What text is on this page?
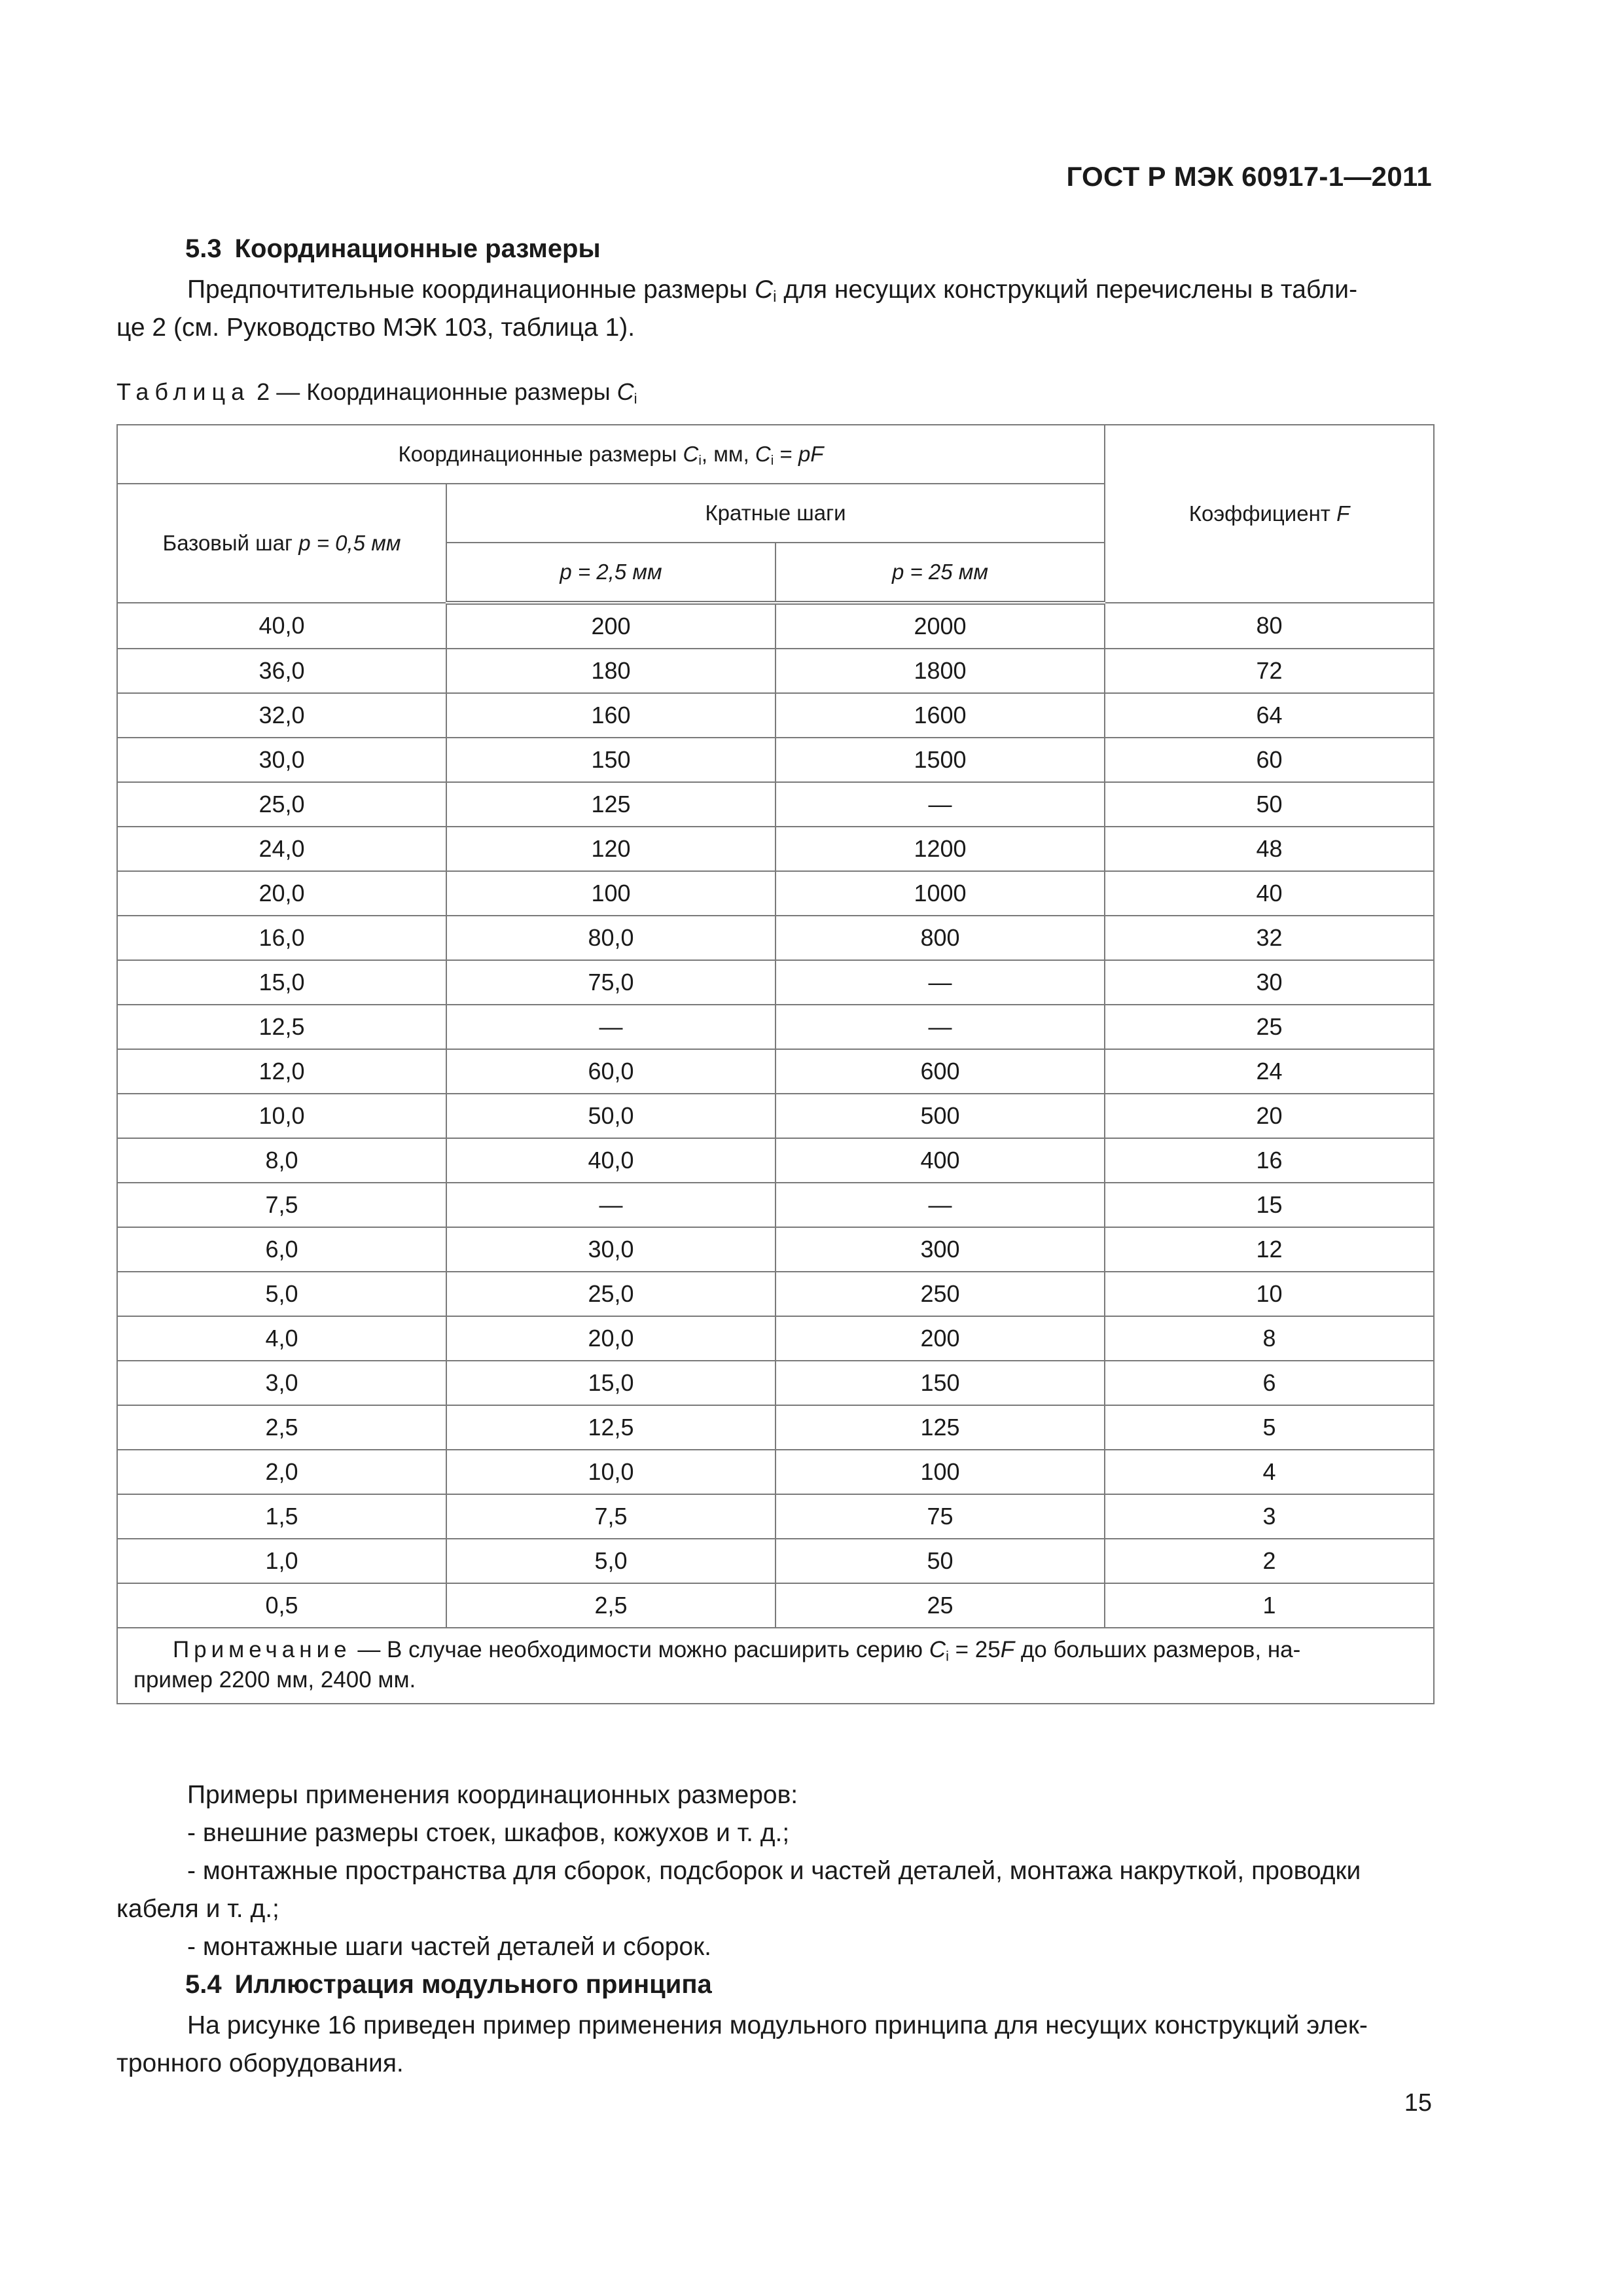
ГОСТ Р МЭК 60917-1—2011
5.3 Координационные размеры
Предпочтительные координационные размеры $C_i$ для несущих конструкций перечислены в табли-
це 2 (см. Руководство МЭК 103, таблица 1).
Таблица 2 — Координационные размеры $C_i$
Координационные размеры $C_i$, мм, $C_i$ = pF			Коэффициент F
Базовый шаг p = 0,5 мм	Кратные шаги		
	p = 2,5 мм	p = 25 мм	
40,0	200	2000	80
36,0	180	1800	72
32,0	160	1600	64
30,0	150	1500	60
25,0	125	—	50
24,0	120	1200	48
20,0	100	1000	40
16,0	80,0	800	32
15,0	75,0	—	30
12,5	—	—	25
12,0	60,0	600	24
10,0	50,0	500	20
8,0	40,0	400	16
7,5	—	—	15
6,0	30,0	300	12
5,0	25,0	250	10
4,0	20,0	200	8
3,0	15,0	150	6
2,5	12,5	125	5
2,0	10,0	100	4
1,5	7,5	75	3
1,0	5,0	50	2
0,5	2,5	25	1
Примечание — В случае необходимости можно расширить серию $C_i = 25F$ до больших размеров, на-
пример 2200 мм, 2400 мм.			
Примеры применения координационных размеров:
- внешние размеры стоек, шкафов, кожухов и т. д.;
- монтажные пространства для сборок, подсборок и частей деталей, монтажа накруткой, проводки
кабеля и т. д.;
- монтажные шаги частей деталей и сборок.
5.4 Иллюстрация модульного принципа
На рисунке 16 приведен пример применения модульного принципа для несущих конструкций элек-
тронного оборудования.
15
